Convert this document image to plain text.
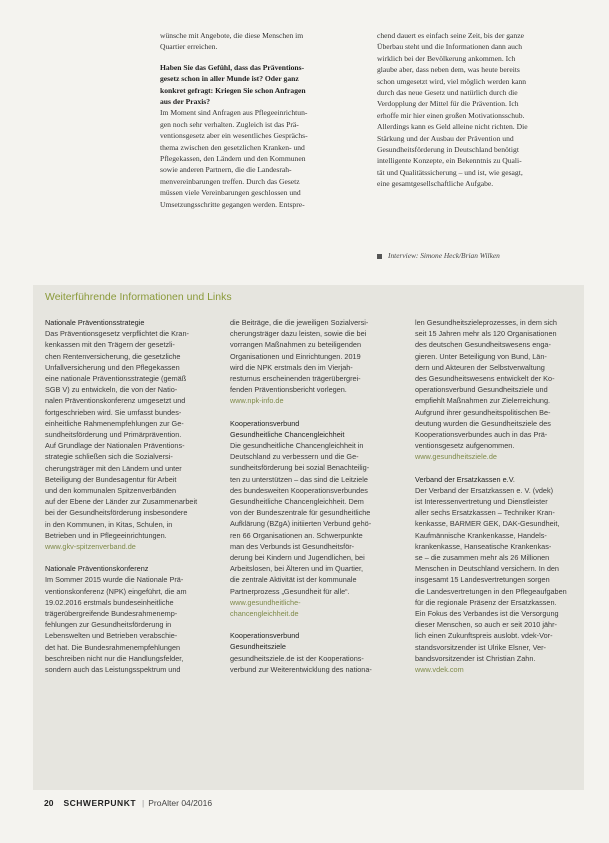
wünsche mit Angebote, die diese Menschen im

Quartier erreichen.

Haben Sie das Gefühl, dass das Präventions-

gesetz schon in aller Munde ist? Oder ganz

konkret gefragt: Kriegen Sie schon Anfragen

aus der Praxis?

Im Moment sind Anfragen aus Pflegeeinrichtun-

gen noch sehr verhalten. Zugleich ist das Prä-

ventionsgesetz aber ein wesentliches Gesprächs-

thema zwischen den gesetzlichen Kranken- und

Pflegekassen, den Ländern und den Kommunen

sowie anderen Partnern, die die Landesrah-

menvereinbarungen treffen. Durch das Gesetz

müssen viele Vereinbarungen geschlossen und

Umsetzungsschritte gegangen werden. Entspre-

chend dauert es einfach seine Zeit, bis der ganze

Überbau steht und die Informationen dann auch

wirklich bei der Bevölkerung ankommen. Ich

glaube aber, dass neben dem, was heute bereits

schon umgesetzt wird, viel möglich werden kann

durch das neue Gesetz und natürlich durch die

Verdopplung der Mittel für die Prävention. Ich

erhoffe mir hier einen großen Motivationsschub.

Allerdings kann es Geld alleine nicht richten. Die

Stärkung und der Ausbau der Prävention und

Gesundheitsförderung in Deutschland benötigt

intelligente Konzepte, ein Bekenntnis zu Quali-

tät und Qualitätssicherung – und ist, wie gesagt,

eine gesamtgesellschaftliche Aufgabe.

Interview: Simone Heck/Brian Wilken
Weiterführende Informationen und Links

Nationale Präventionsstrategie

Das Präventionsgesetz verpflichtet die Kran-

kenkassen mit den Trägern der gesetzli-

chen Rentenversicherung, die gesetzliche

Unfallversicherung und den Pflegekassen

eine nationale Präventionsstrategie (gemäß

SGB V) zu entwickeln, die von der Natio-

nalen Präventionskonferenz umgesetzt und

fortgeschrieben wird. Sie umfasst bundes-

einheitliche Rahmenempfehlungen zur Ge-

sundheitsförderung und Primärprävention.

Auf Grundlage der Nationalen Präventions-

strategie schließen sich die Sozialversi-

cherungsträger mit den Ländern und unter

Beteiligung der Bundesagentur für Arbeit

und den kommunalen Spitzenverbänden

auf der Ebene der Länder zur Zusammenarbeit

bei der Gesundheitsförderung insbesondere

in den Kommunen, in Kitas, Schulen, in

Betrieben und in Pflegeeinrichtungen.

www.gkv-spitzenverband.de

Nationale Präventionskonferenz

Im Sommer 2015 wurde die Nationale Prä-

ventionskonferenz (NPK) eingeführt, die am

19.02.2016 erstmals bundeseinheitliche

trägerübergreifende Bundesrahmenemp-

fehlungen zur Gesundheitsförderung in

Lebenswelten und Betrieben verabschie-

det hat. Die Bundesrahmenempfehlungen

beschreiben nicht nur die Handlungsfelder,

sondern auch das Leistungsspektrum und

die Beiträge, die die jeweiligen Sozialversi-

cherungsträger dazu leisten, sowie die bei

vorrangen Maßnahmen zu beteiligenden

Organisationen und Einrichtungen. 2019

wird die NPK erstmals den im Vierjah-

resturnus erscheinenden trägerübergrei-

fenden Präventionsbericht vorlegen.

www.npk-info.de

Kooperationsverbund

Gesundheitliche Chancengleichheit

Die gesundheitliche Chancengleichheit in

Deutschland zu verbessern und die Ge-

sundheitsförderung bei sozial Benachteilig-

ten zu unterstützen – das sind die Leitziele

des bundesweiten Kooperationsverbundes

Gesundheitliche Chancengleichheit. Dem

von der Bundeszentrale für gesundheitliche

Aufklärung (BZgA) initiierten Verbund gehö-

ren 66 Organisationen an. Schwerpunkte

man des Verbunds ist Gesundheitsför-

derung bei Kindern und Jugendlichen, bei

Arbeitslosen, bei Älteren und im Quartier,

die zentrale Aktivität ist der kommunale

Partnerprozess „Gesundheit für alle“.

www.gesundheitliche-

chancengleichheit.de

Kooperationsverbund

Gesundheitsziele

gesundheitsziele.de ist der Kooperations-

verbund zur Weiterentwicklung des nationa-

len Gesundheitszieleprozesses, in dem sich

seit 15 Jahren mehr als 120 Organisationen

des deutschen Gesundheitswesens enga-

gieren. Unter Beteiligung von Bund, Län-

dern und Akteuren der Selbstverwaltung

des Gesundheitswesens entwickelt der Ko-

operationsverbund Gesundheitsziele und

empfiehlt Maßnahmen zur Zielerreichung.

Aufgrund ihrer gesundheitspolitischen Be-

deutung wurden die Gesundheitsziele des

Kooperationsverbundes auch in das Prä-

ventionsgesetz aufgenommen.

www.gesundheitsziele.de

Verband der Ersatzkassen e.V.

Der Verband der Ersatzkassen e. V. (vdek)

ist Interessenvertretung und Dienstleister

aller sechs Ersatzkassen – Techniker Kran-

kenkasse, BARMER GEK, DAK-Gesundheit,

Kaufmännische Krankenkasse, Handels-

krankenkasse, Hanseatische Krankenkas-

se – die zusammen mehr als 26 Millionen

Menschen in Deutschland versichern. In den

insgesamt 15 Landesvertretungen sorgen

die Landesvertretungen in den Pflegeaufgaben

für die regionale Präsenz der Ersatzkassen.

Ein Fokus des Verbandes ist die Versorgung

dieser Menschen, so auch er seit 2010 jähr-

lich einen Zukunftspreis auslobt. vdek-Vor-

standsvorsitzender ist Ulrike Elsner, Ver-

bandsvorsitzender ist Christian Zahn.

www.vdek.com

20 SCHWERPUNKT | ProAlter 04/2016
